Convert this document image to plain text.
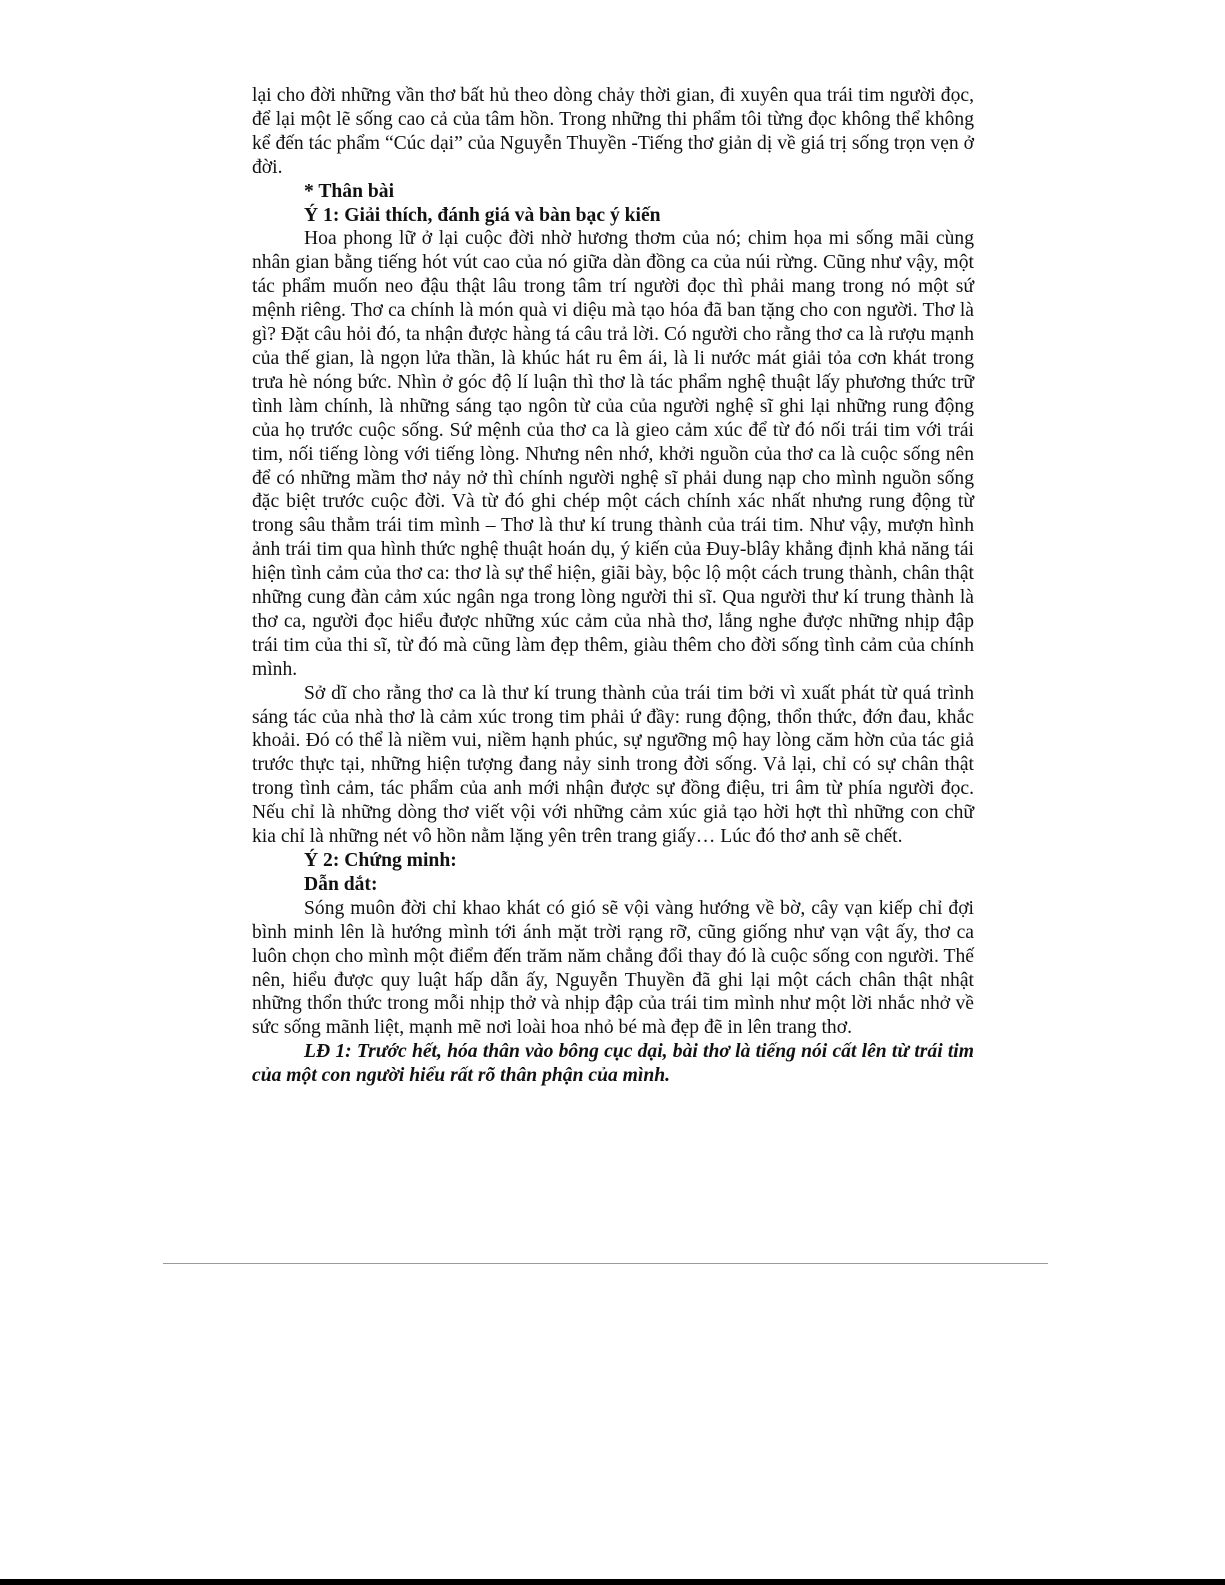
lại cho đời những vần thơ bất hủ theo dòng chảy thời gian, đi xuyên qua trái tim người đọc, để lại một lẽ sống cao cả của tâm hồn. Trong những thi phẩm tôi từng đọc không thể không kể đến tác phẩm “Cúc dại” của Nguyễn Thuyền -Tiếng thơ giản dị về giá trị sống trọn vẹn ở đời.

* Thân bài

Ý 1: Giải thích, đánh giá và bàn bạc ý kiến

Hoa phong lữ ở lại cuộc đời nhờ hương thơm của nó; chim họa mi sống mãi cùng nhân gian bằng tiếng hót vút cao của nó giữa dàn đồng ca của núi rừng. Cũng như vậy, một tác phẩm muốn neo đậu thật lâu trong tâm trí người đọc thì phải mang trong nó một sứ mệnh riêng. Thơ ca chính là món quà vi diệu mà tạo hóa đã ban tặng cho con người. Thơ là gì? Đặt câu hỏi đó, ta nhận được hàng tá câu trả lời. Có người cho rằng thơ ca là rượu mạnh của thế gian, là ngọn lửa thần, là khúc hát ru êm ái, là li nước mát giải tỏa cơn khát trong trưa hè nóng bức. Nhìn ở góc độ lí luận thì thơ là tác phẩm nghệ thuật lấy phương thức trữ tình làm chính, là những sáng tạo ngôn từ của của người nghệ sĩ ghi lại những rung động của họ trước cuộc sống. Sứ mệnh của thơ ca là gieo cảm xúc để từ đó nối trái tim với trái tim, nối tiếng lòng với tiếng lòng. Nhưng nên nhớ, khởi nguồn của thơ ca là cuộc sống nên để có những mầm thơ nảy nở thì chính người nghệ sĩ phải dung nạp cho mình nguồn sống đặc biệt trước cuộc đời. Và từ đó ghi chép một cách chính xác nhất nhưng rung động từ trong sâu thẳm trái tim mình – Thơ là thư kí trung thành của trái tim. Như vậy, mượn hình ảnh trái tim qua hình thức nghệ thuật hoán dụ, ý kiến của Đuy-blây khẳng định khả năng tái hiện tình cảm của thơ ca: thơ là sự thể hiện, giãi bày, bộc lộ một cách trung thành, chân thật những cung đàn cảm xúc ngân nga trong lòng người thi sĩ. Qua người thư kí trung thành là thơ ca, người đọc hiểu được những xúc cảm của nhà thơ, lắng nghe được những nhịp đập trái tim của thi sĩ, từ đó mà cũng làm đẹp thêm, giàu thêm cho đời sống tình cảm của chính mình.

Sở dĩ cho rằng thơ ca là thư kí trung thành của trái tim bởi vì xuất phát từ quá trình sáng tác của nhà thơ là cảm xúc trong tim phải ứ đầy: rung động, thổn thức, đớn đau, khắc khoải. Đó có thể là niềm vui, niềm hạnh phúc, sự ngưỡng mộ hay lòng căm hờn của tác giả trước thực tại, những hiện tượng đang nảy sinh trong đời sống. Vả lại, chỉ có sự chân thật trong tình cảm, tác phẩm của anh mới nhận được sự đồng điệu, tri âm từ phía người đọc. Nếu chỉ là những dòng thơ viết vội với những cảm xúc giả tạo hời hợt thì những con chữ kia chỉ là những nét vô hồn nằm lặng yên trên trang giấy… Lúc đó thơ anh sẽ chết.

Ý 2: Chứng minh:

Dẫn dắt:

Sóng muôn đời chỉ khao khát có gió sẽ vội vàng hướng về bờ, cây vạn kiếp chỉ đợi bình minh lên là hướng mình tới ánh mặt trời rạng rỡ, cũng giống như vạn vật ấy, thơ ca luôn chọn cho mình một điểm đến trăm năm chẳng đổi thay đó là cuộc sống con người. Thế nên, hiểu được quy luật hấp dẫn ấy, Nguyễn Thuyền đã ghi lại một cách chân thật nhật những thổn thức trong mỗi nhịp thở và nhịp đập của trái tim mình như một lời nhắc nhở về sức sống mãnh liệt, mạnh mẽ nơi loài hoa nhỏ bé mà đẹp đẽ in lên trang thơ.

LĐ 1: Trước hết, hóa thân vào bông cục dại, bài thơ là tiếng nói cất lên từ trái tim của một con người hiểu rất rõ thân phận của mình.
